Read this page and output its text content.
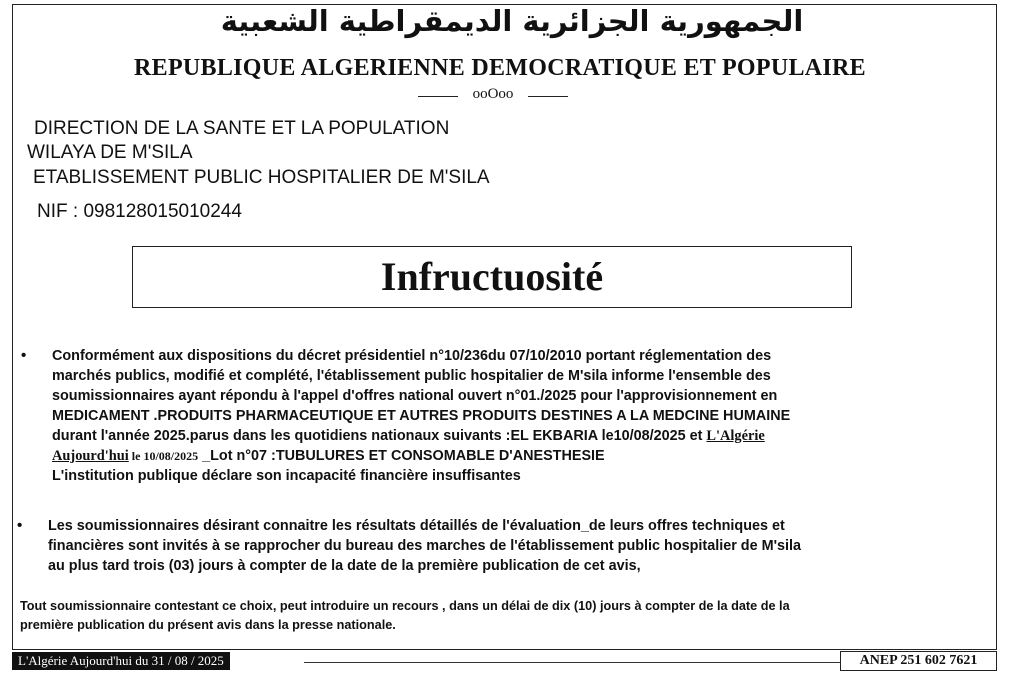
الجمهورية الجزائرية الديمقراطية الشعبية
REPUBLIQUE ALGERIENNE DEMOCRATIQUE ET POPULAIRE
ooOoo
DIRECTION DE LA SANTE ET LA POPULATION
WILAYA DE M'SILA
ETABLISSEMENT PUBLIC HOSPITALIER DE M'SILA
NIF : 098128015010244
Infructuosité
• Conformément aux dispositions du décret présidentiel n°10/236du 07/10/2010 portant réglementation des
marchés publics, modifié et complété, l'établissement public hospitalier de M'sila informe l'ensemble des
soumissionnaires ayant répondu à l'appel d'offres national ouvert n°01./2025 pour l'approvisionnement en
MEDICAMENT .PRODUITS PHARMACEUTIQUE ET AUTRES PRODUITS DESTINES A LA MEDCINE HUMAINE
durant l'année 2025.parus dans les quotidiens nationaux suivants :EL EKBARIA le10/08/2025 et L'Algérie
Aujourd'hui le 10/08/2025 _Lot n°07 :TUBULURES ET CONSOMABLE D'ANESTHESIE
L'institution publique déclare son incapacité financière insuffisantes
• Les soumissionnaires désirant connaitre les résultats détaillés de l'évaluation_de leurs offres techniques et
financières sont invités à se rapprocher du bureau des marches de l'établissement public hospitalier de M'sila
au plus tard trois (03) jours à compter de la date de la première publication de cet avis,
Tout soumissionnaire contestant ce choix, peut introduire un recours , dans un délai de dix (10) jours à compter de la date de la
première publication du présent avis dans la presse nationale.
L'Algérie Aujourd'hui du 31 / 08 / 2025	ANEP 251 602 7621
